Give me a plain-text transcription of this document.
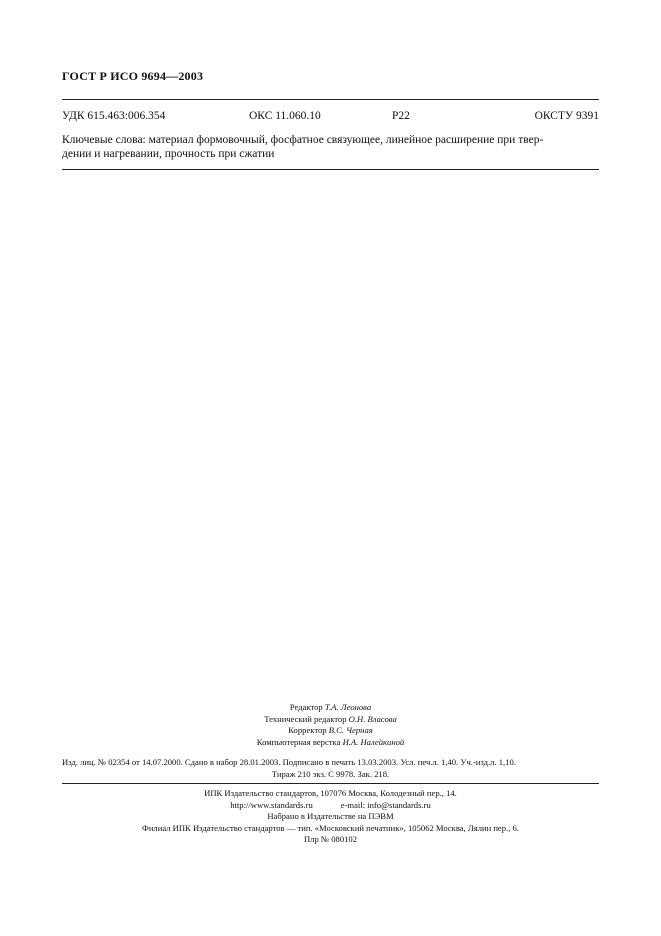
ГОСТ Р ИСО 9694—2003
УДК 615.463:006.354	ОКС 11.060.10	Р22	ОКСТУ 9391
Ключевые слова: материал формовочный, фосфатное связующее, линейное расширение при твер-
дении и нагревании, прочность при сжатии
Редактор Т.А. Леонова
Технический редактор О.Н. Власова
Корректор В.С. Черная
Компьютерная верстка И.А. Налейкиной
Изд. лиц. № 02354 от 14.07.2000. Сдано в набор 28.01.2003. Подписано в печать 13.03.2003. Усл. печ.л. 1,40. Уч.-изд.л. 1,10.
Тираж 210 экз. С 9978. Зак. 218.
ИПК Издательство стандартов, 107076 Москва, Колодезный пер., 14.
http://www.standards.ru	e-mail: info@standards.ru
Набрано в Издательстве на ПЭВМ
Филиал ИПК Издательство стандартов — тип. «Московский печатник», 105062 Москва, Лялин пер., 6.
Плр № 080102
